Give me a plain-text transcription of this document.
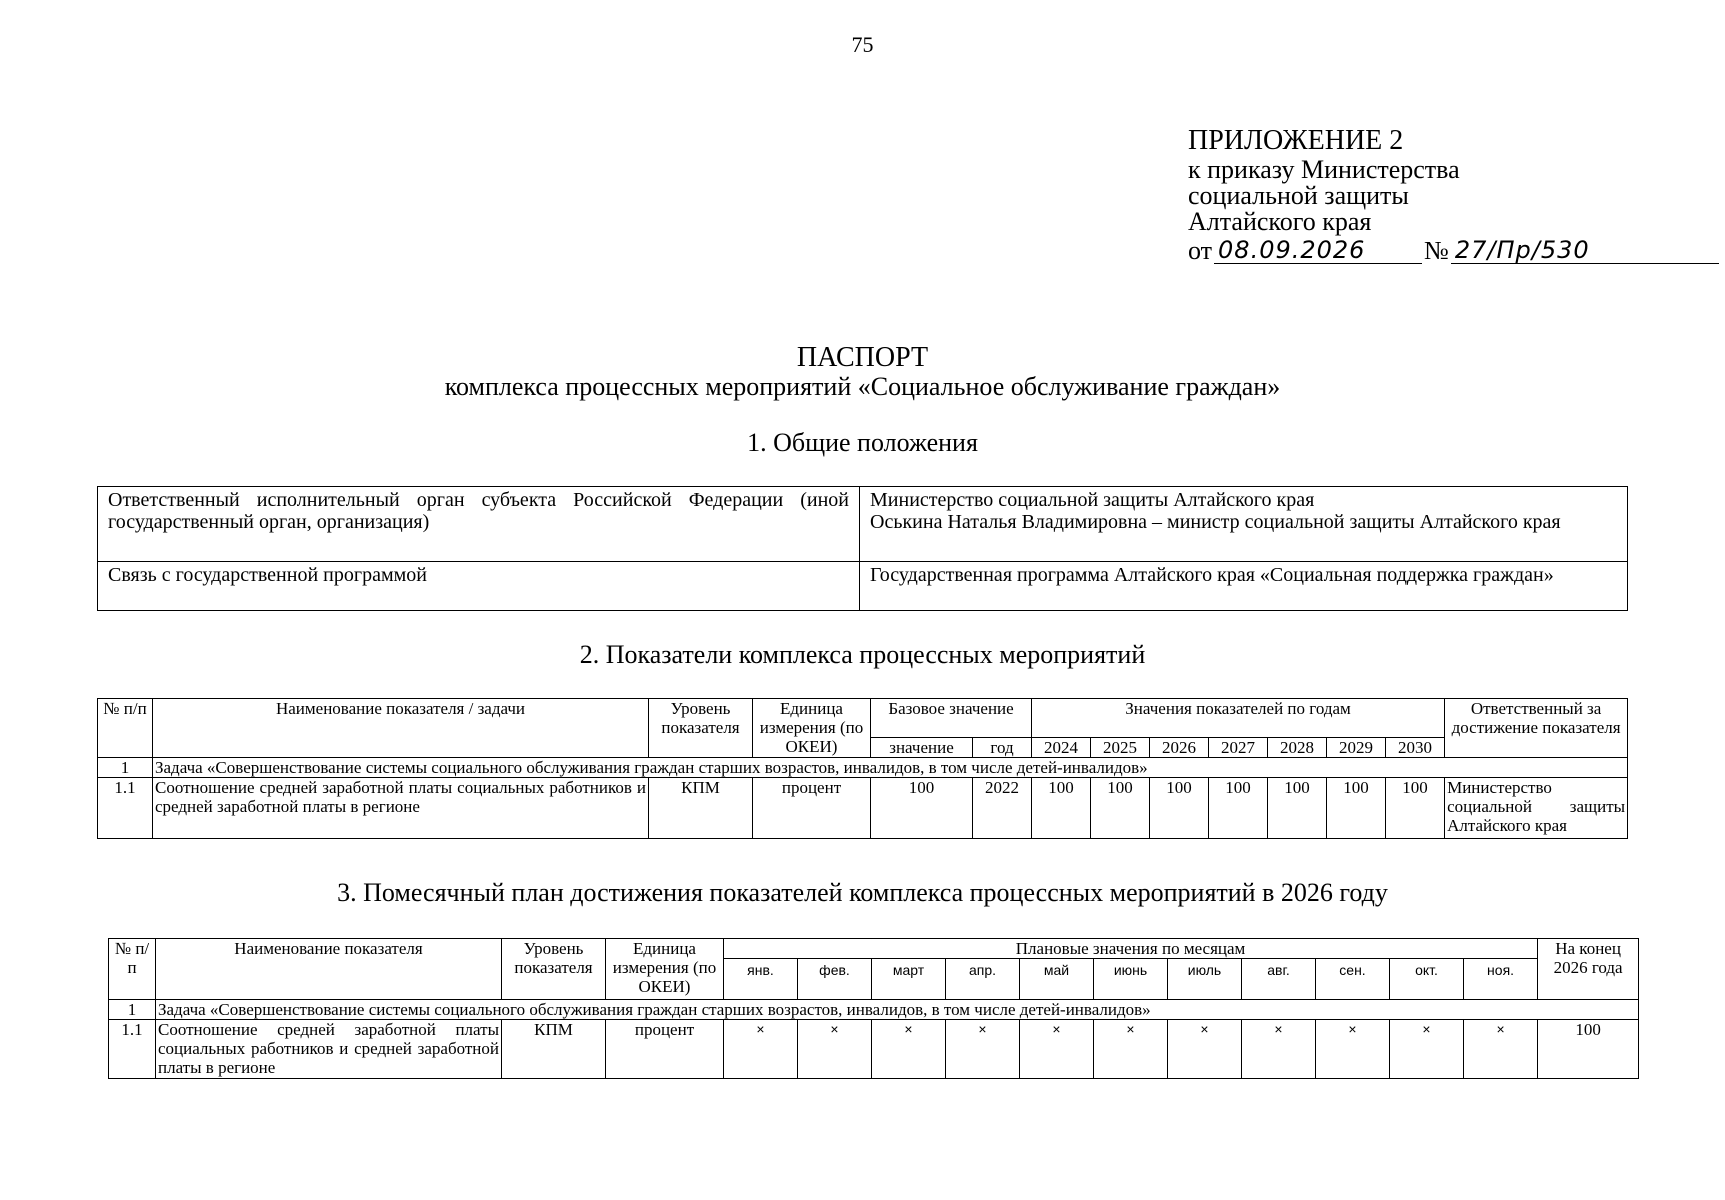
75
ПРИЛОЖЕНИЕ 2
к приказу Министерства
социальной защиты
Алтайского края
от 08.09.2026	№ 27/Пр/530
ПАСПОРТ
комплекса процессных мероприятий «Социальное обслуживание граждан»
1. Общие положения
Ответственный исполнительный орган субъекта Российской Федерации (иной государственный орган, организация)	Министерство социальной защиты Алтайского края
Оськина Наталья Владимировна – министр социальной защиты Алтайского края

Связь с государственной программой	Государственная программа Алтайского края «Социальная поддержка граждан»
2. Показатели комплекса процессных мероприятий
№ п/п	Наименование показателя / задачи	Уровень показателя	Единица измерения (по ОКЕИ)	Базовое значение		Значения показателей по годам							Ответственный за достижение показателя
				значение	год	2024	2025	2026	2027	2028	2029	2030	
1	Задача «Совершенствование системы социального обслуживания граждан старших возрастов, инвалидов, в том числе детей-инвалидов»												
1.1	Соотношение средней заработной платы социальных работников и средней заработной платы в регионе	КПМ	процент	100	2022	100	100	100	100	100	100	100	Министерство социальной защиты Алтайского края
3. Помесячный план достижения показателей комплекса процессных мероприятий в 2026 году
№ п/п	Наименование показателя	Уровень показателя	Единица измерения (по ОКЕИ)	Плановые значения по месяцам											На конец 2026 года
				янв.	фев.	март	апр.	май	июнь	июль	авг.	сен.	окт.	ноя.	
1	Задача «Совершенствование системы социального обслуживания граждан старших возрастов, инвалидов, в том числе детей-инвалидов»														
1.1	Соотношение средней заработной платы социальных работников и средней заработной платы в регионе	КПМ	процент	×	×	×	×	×	×	×	×	×	×	×	100
